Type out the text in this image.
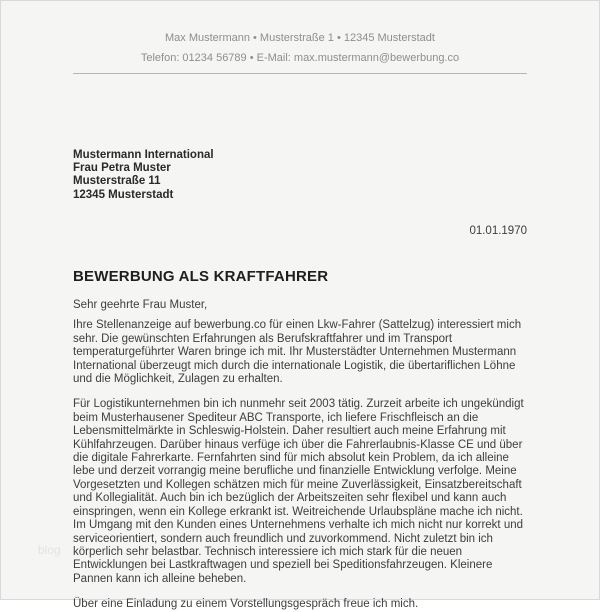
Max Mustermann • Musterstraße 1 • 12345 Musterstadt
Telefon: 01234 56789 • E-Mail: max.mustermann@bewerbung.co
Mustermann International
Frau Petra Muster
Musterstraße 11
12345 Musterstadt
01.01.1970
BEWERBUNG ALS KRAFTFAHRER

Sehr geehrte Frau Muster,

Ihre Stellenanzeige auf bewerbung.co für einen Lkw-Fahrer (Sattelzug) interessiert mich sehr. Die gewünschten Erfahrungen als Berufskraftfahrer und im Transport temperaturgeführter Waren bringe ich mit. Ihr Musterstädter Unternehmen Mustermann International überzeugt mich durch die internationale Logistik, die übertariflichen Löhne und die Möglichkeit, Zulagen zu erhalten.

Für Logistikunternehmen bin ich nunmehr seit 2003 tätig. Zurzeit arbeite ich ungekündigt beim Musterhausener Spediteur ABC Transporte, ich liefere Frischfleisch an die Lebensmittelmärkte in Schleswig-Holstein. Daher resultiert auch meine Erfahrung mit Kühlfahrzeugen. Darüber hinaus verfüge ich über die Fahrerlaubnis-Klasse CE und über die digitale Fahrerkarte. Fernfahrten sind für mich absolut kein Problem, da ich alleine lebe und derzeit vorrangig meine berufliche und finanzielle Entwicklung verfolge. Meine Vorgesetzten und Kollegen schätzen mich für meine Zuverlässigkeit, Einsatzbereitschaft und Kollegialität. Auch bin ich bezüglich der Arbeitszeiten sehr flexibel und kann auch einspringen, wenn ein Kollege erkrankt ist. Weitreichende Urlaubspläne mache ich nicht. Im Umgang mit den Kunden eines Unternehmens verhalte ich mich nicht nur korrekt und serviceorientiert, sondern auch freundlich und zuvorkommend. Nicht zuletzt bin ich körperlich sehr belastbar. Technisch interessiere ich mich stark für die neuen Entwicklungen bei Lastkraftwagen und speziell bei Speditionsfahrzeugen. Kleinere Pannen kann ich alleine beheben.

Über eine Einladung zu einem Vorstellungsgespräch freue ich mich.

blog
